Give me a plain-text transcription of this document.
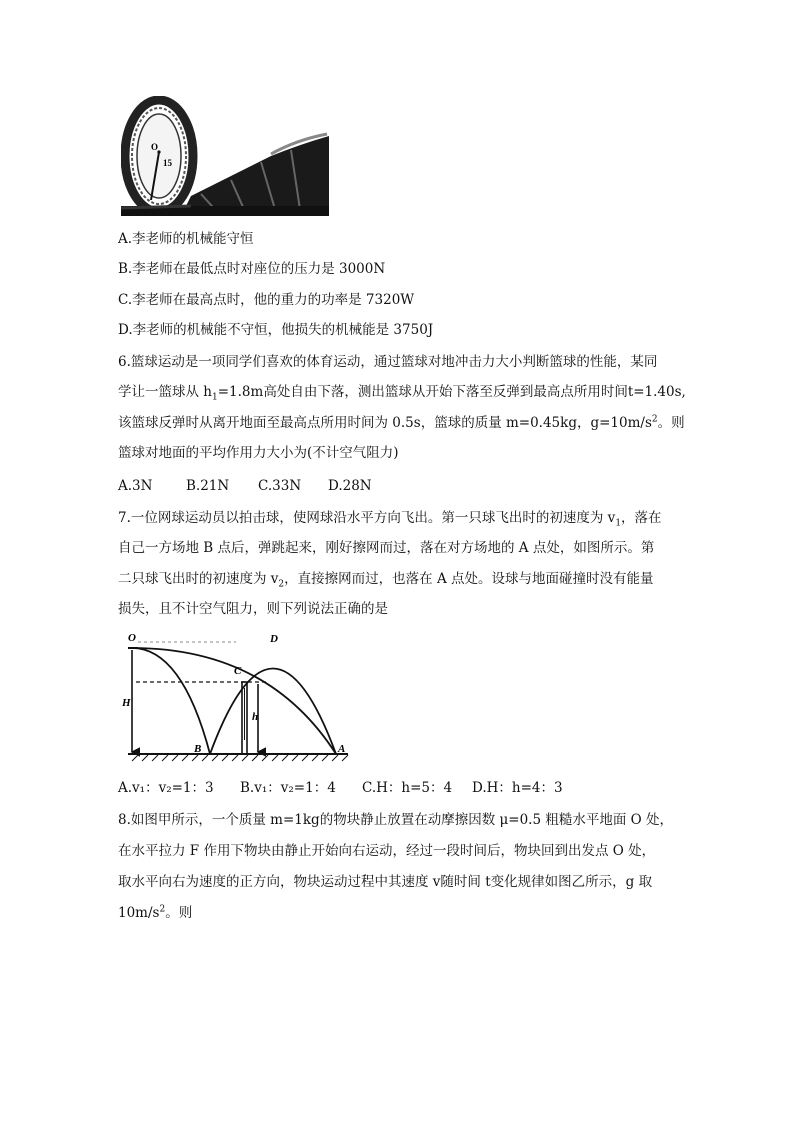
O
15
A.李老师的机械能守恒
B.李老师在最低点时对座位的压力是 3000N
C.李老师在最高点时，他的重力的功率是 7320W
D.李老师的机械能不守恒，他损失的机械能是 3750J
6.篮球运动是一项同学们喜欢的体育运动，通过篮球对地冲击力大小判断篮球的性能，某同
学让一篮球从 $h_1=1.8m$高处自由下落，测出篮球从开始下落至反弹到最高点所用时间t=1.40s,
该篮球反弹时从离开地面至最高点所用时间为 0.5s，篮球的质量 m=0.45kg，$g=10m/s^2$。则
篮球对地面的平均作用力大小为(不计空气阻力)
A.3N B.21N C.33N D.28N
7.一位网球运动员以拍击球，使网球沿水平方向飞出。第一只球飞出时的初速度为 $v_1$，落在
自己一方场地 B 点后，弹跳起来，刚好擦网而过，落在对方场地的 A 点处，如图所示。第
二只球飞出时的初速度为 $v_2$，直接擦网而过，也落在 A 点处。设球与地面碰撞时没有能量
损失，且不计空气阻力，则下列说法正确的是
O	D
C
H
h
B	A
A.v₁：v₂=1：3 B.v₁：v₂=1：4 C.H：h=5：4 D.H：h=4：3
8.如图甲所示，一个质量 m=1kg的物块静止放置在动摩擦因数 μ=0.5 粗糙水平地面 O 处，
在水平拉力 F 作用下物块由静止开始向右运动，经过一段时间后，物块回到出发点 O 处，
取水平向右为速度的正方向，物块运动过程中其速度 v随时间 t变化规律如图乙所示，g 取
$10m/s^2$。则
